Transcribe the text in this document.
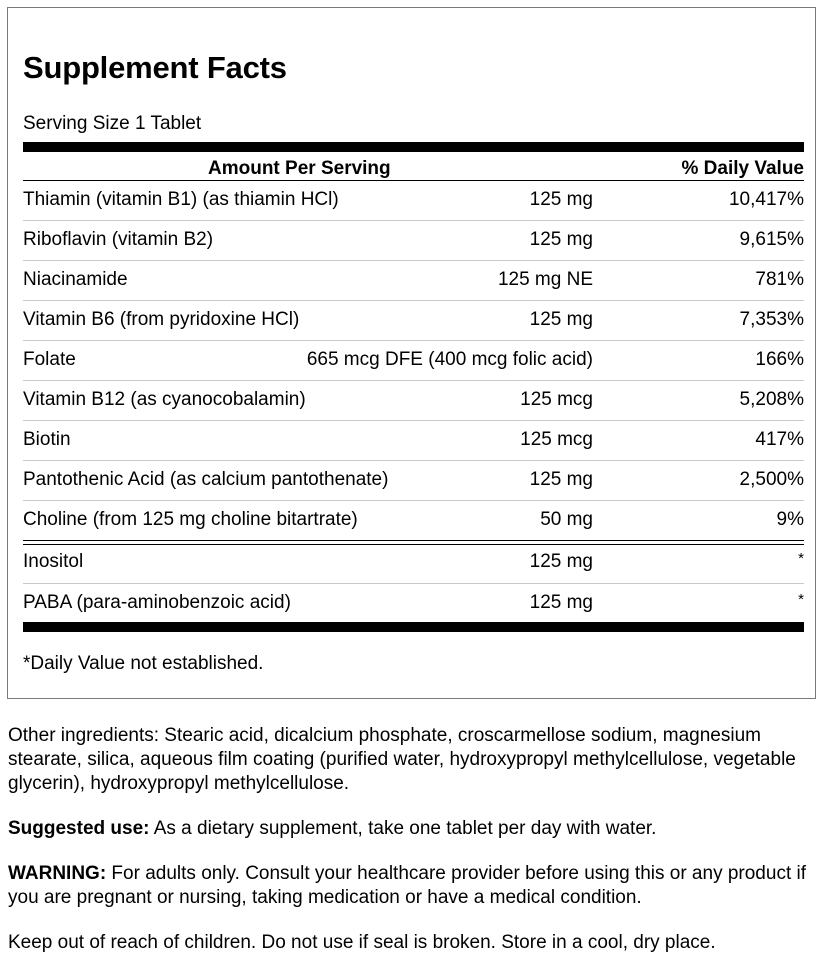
Supplement Facts
Serving Size 1 Tablet
Amount Per Serving	% Daily Value
Thiamin (vitamin B1) (as thiamin HCl)	125 mg	10,417%
Riboflavin (vitamin B2)	125 mg	9,615%
Niacinamide	125 mg NE	781%
Vitamin B6 (from pyridoxine HCl)	125 mg	7,353%
Folate	665 mcg DFE (400 mcg folic acid)	166%
Vitamin B12 (as cyanocobalamin)	125 mcg	5,208%
Biotin	125 mcg	417%
Pantothenic Acid (as calcium pantothenate)	125 mg	2,500%
Choline (from 125 mg choline bitartrate)	50 mg	9%
Inositol	125 mg	*
PABA (para-aminobenzoic acid)	125 mg	*
*Daily Value not established.

Other ingredients: Stearic acid, dicalcium phosphate, croscarmellose sodium, magnesium stearate, silica, aqueous film coating (purified water, hydroxypropyl methylcellulose, vegetable glycerin), hydroxypropyl methylcellulose.

Suggested use: As a dietary supplement, take one tablet per day with water.

WARNING: For adults only. Consult your healthcare provider before using this or any product if you are pregnant or nursing, taking medication or have a medical condition.

Keep out of reach of children. Do not use if seal is broken. Store in a cool, dry place.
